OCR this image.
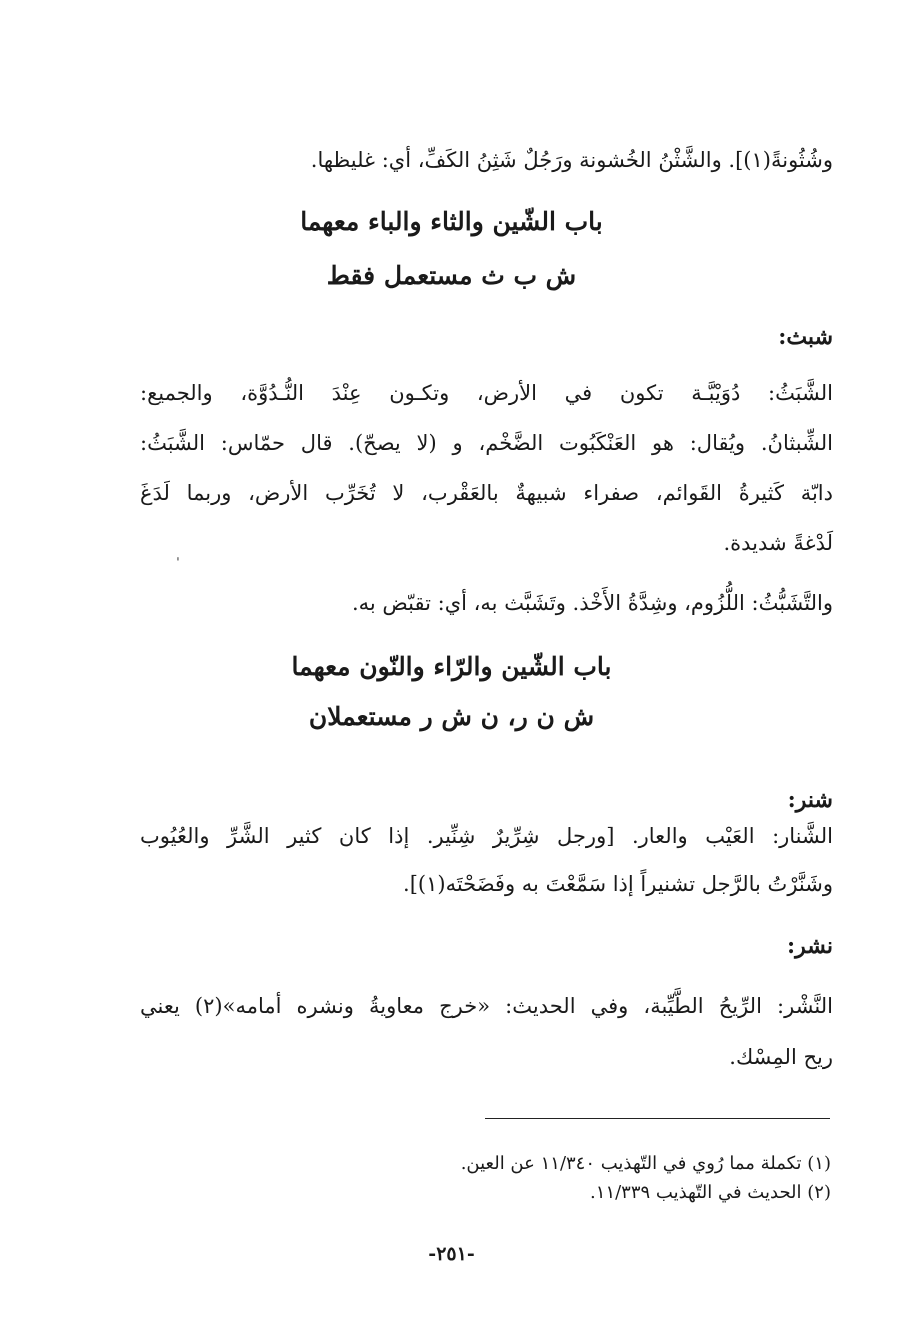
وشُثُونةً(١)]. والشَّثْنُ الخُشونة ورَجُلٌ شَثِنُ الكَفِّ، أي: غليظها.
باب الشّين والثاء والباء معهما
ش ب ث مستعمل فقط
شبث:
الشَّبَثُ: دُوَيْبَّـة تكون في الأرض، وتكـون عِنْدَ النُّـدُوَّة، والجميع:
الشِّبثانُ. ويُقال: هو العَنْكَبُوت الضَّخْم، و (لا يصحّ). قال حمّاس: الشَّبَثُ:
دابّة كَثيرةُ القَوائم، صفراء شبيهةٌ بالعَقْرب، لا تُخَرِّب الأرض، وربما لَدَغَ
لَدْغةً شديدة.
ˈ
والتَّشَبُّثُ: اللُّزُوم، وشِدَّةُ الأَخْذ. وتَشَبَّث به، أي: تقبّض به.
باب الشّين والرّاء والنّون معهما
ش ن ر، ن ش ر مستعملان
شنر:
الشَّنار: العَيْب والعار. [ورجل شِرِّيرٌ شِنِّير. إذا كان كثير الشَّرِّ والعُيُوب
وشَنَّرْتُ بالرَّجل تشنيراً إذا سَمَّعْتَ به وفَضَحْتَه(١)].
نشر:
النَّشْر: الرِّيحُ الطَّيِّبة، وفي الحديث: «خرج معاويةُ ونشره أمامه»(٢) يعني
ريح المِسْك.
(١) تكملة مما رُوي في التّهذيب ١١/٣٤٠ عن العين.
(٢) الحديث في التّهذيب ١١/٣٣٩.
-٢٥١-
